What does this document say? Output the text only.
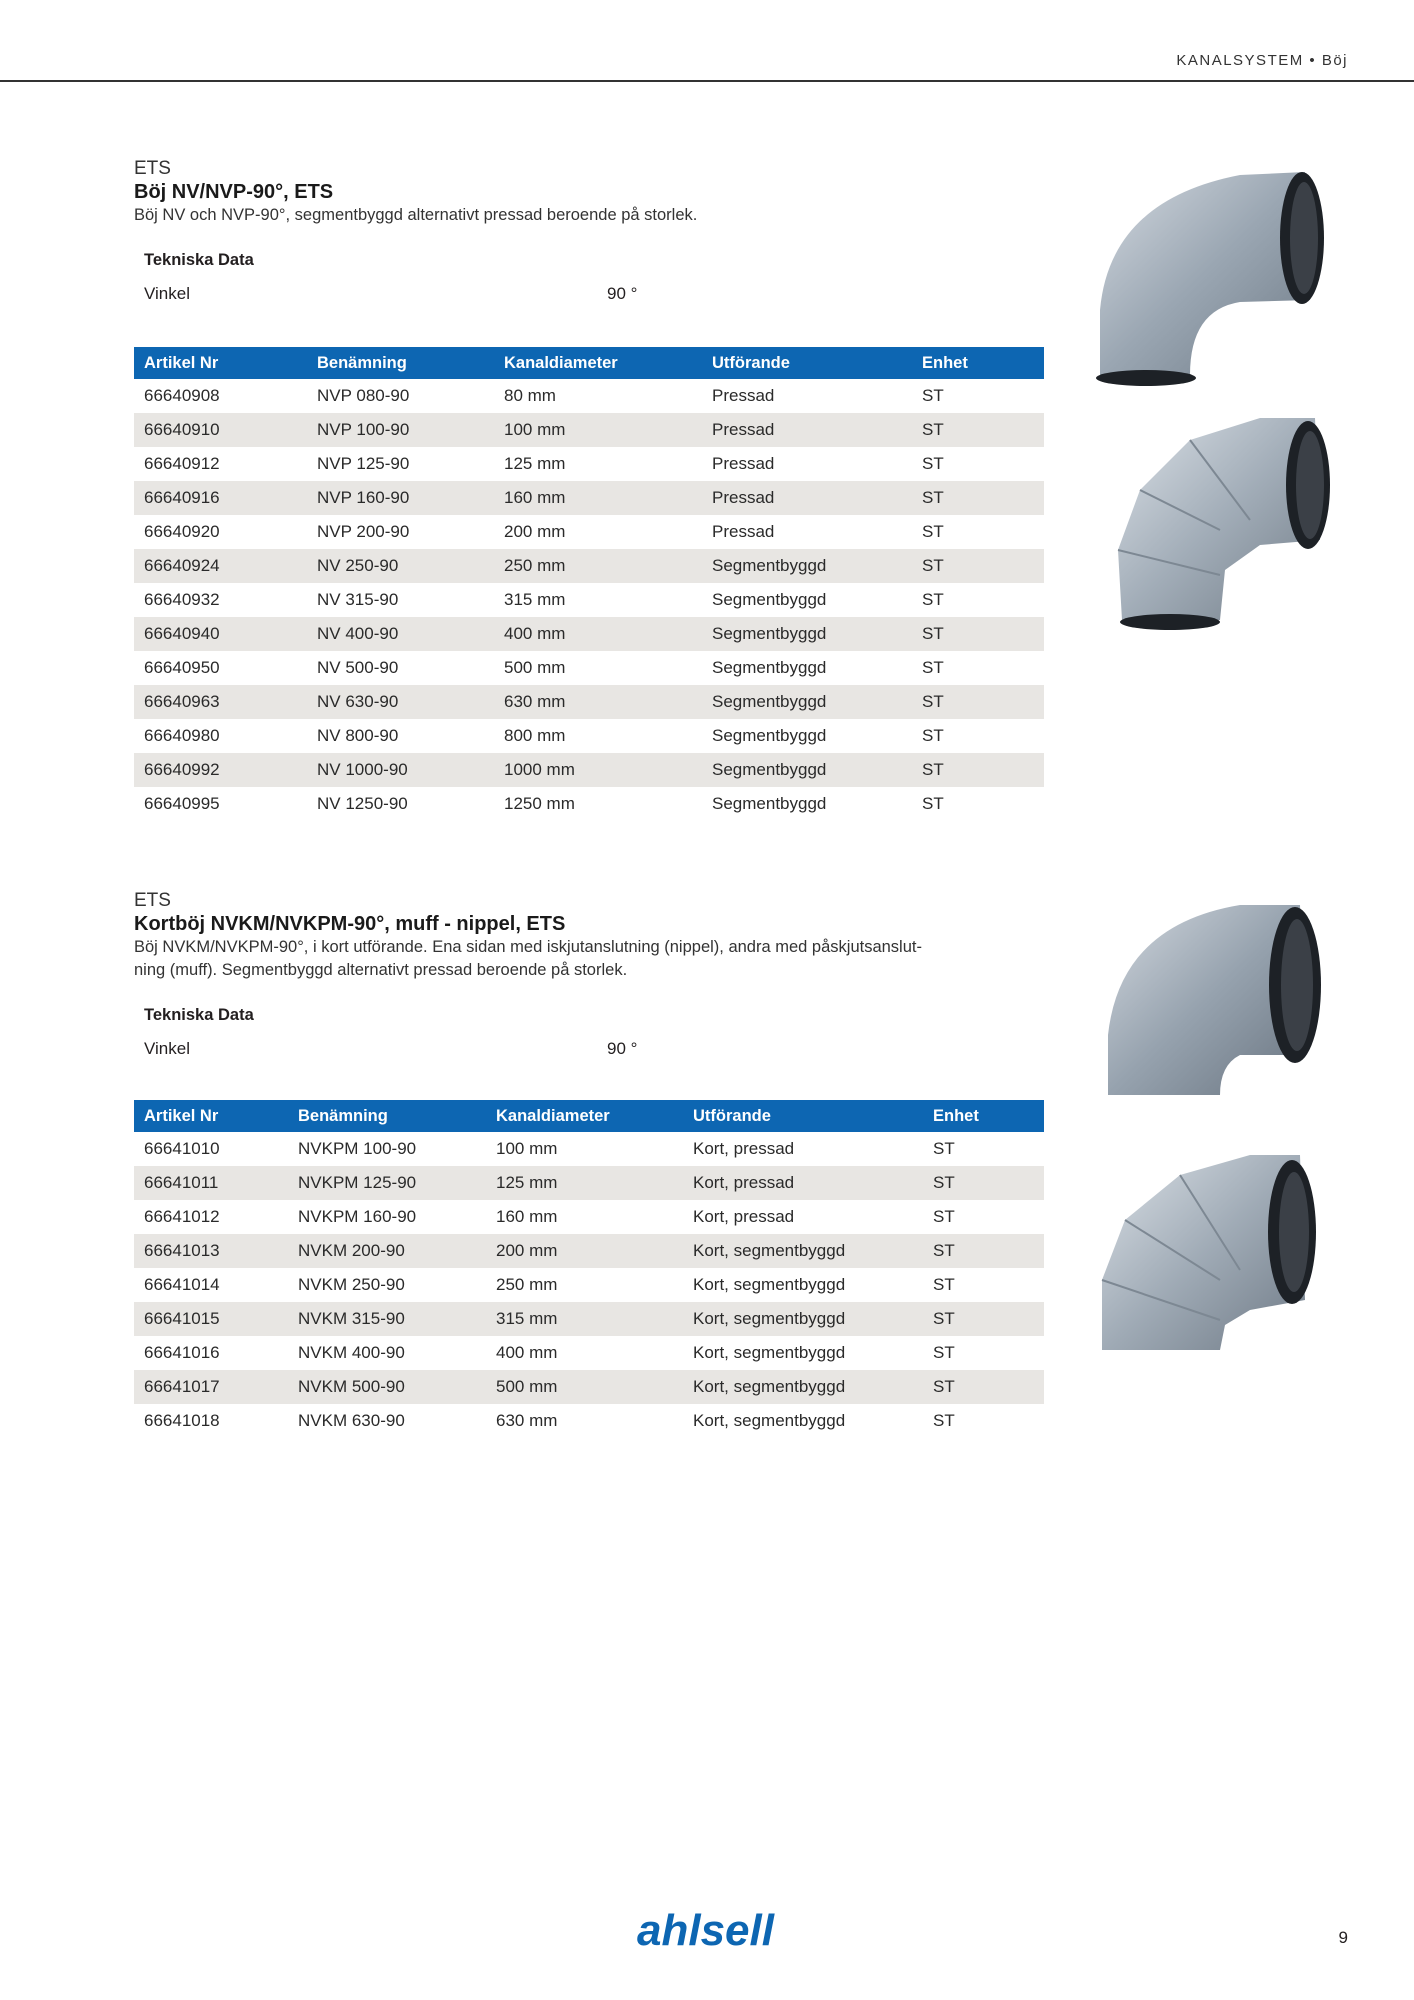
KANALSYSTEM • Böj
ETS
Böj NV/NVP-90°, ETS
Böj NV och NVP-90°, segmentbyggd alternativt pressad beroende på storlek.
Tekniska Data
Vinkel	90 °
Artikel Nr	Benämning	Kanaldiameter	Utförande	Enhet
66640908	NVP 080-90	80 mm	Pressad	ST
66640910	NVP 100-90	100 mm	Pressad	ST
66640912	NVP 125-90	125 mm	Pressad	ST
66640916	NVP 160-90	160 mm	Pressad	ST
66640920	NVP 200-90	200 mm	Pressad	ST
66640924	NV 250-90	250 mm	Segmentbyggd	ST
66640932	NV 315-90	315 mm	Segmentbyggd	ST
66640940	NV 400-90	400 mm	Segmentbyggd	ST
66640950	NV 500-90	500 mm	Segmentbyggd	ST
66640963	NV 630-90	630 mm	Segmentbyggd	ST
66640980	NV 800-90	800 mm	Segmentbyggd	ST
66640992	NV 1000-90	1000 mm	Segmentbyggd	ST
66640995	NV 1250-90	1250 mm	Segmentbyggd	ST
ETS
Kortböj NVKM/NVKPM-90°, muff - nippel, ETS
Böj NVKM/NVKPM-90°, i kort utförande. Ena sidan med iskjutanslutning (nippel), andra med påskjutsanslut-
ning (muff). Segmentbyggd alternativt pressad beroende på storlek.
Tekniska Data
Vinkel	90 °
Artikel Nr	Benämning	Kanaldiameter	Utförande	Enhet
66641010	NVKPM 100-90	100 mm	Kort, pressad	ST
66641011	NVKPM 125-90	125 mm	Kort, pressad	ST
66641012	NVKPM 160-90	160 mm	Kort, pressad	ST
66641013	NVKM 200-90	200 mm	Kort, segmentbyggd	ST
66641014	NVKM 250-90	250 mm	Kort, segmentbyggd	ST
66641015	NVKM 315-90	315 mm	Kort, segmentbyggd	ST
66641016	NVKM 400-90	400 mm	Kort, segmentbyggd	ST
66641017	NVKM 500-90	500 mm	Kort, segmentbyggd	ST
66641018	NVKM 630-90	630 mm	Kort, segmentbyggd	ST
ahlsell	9
